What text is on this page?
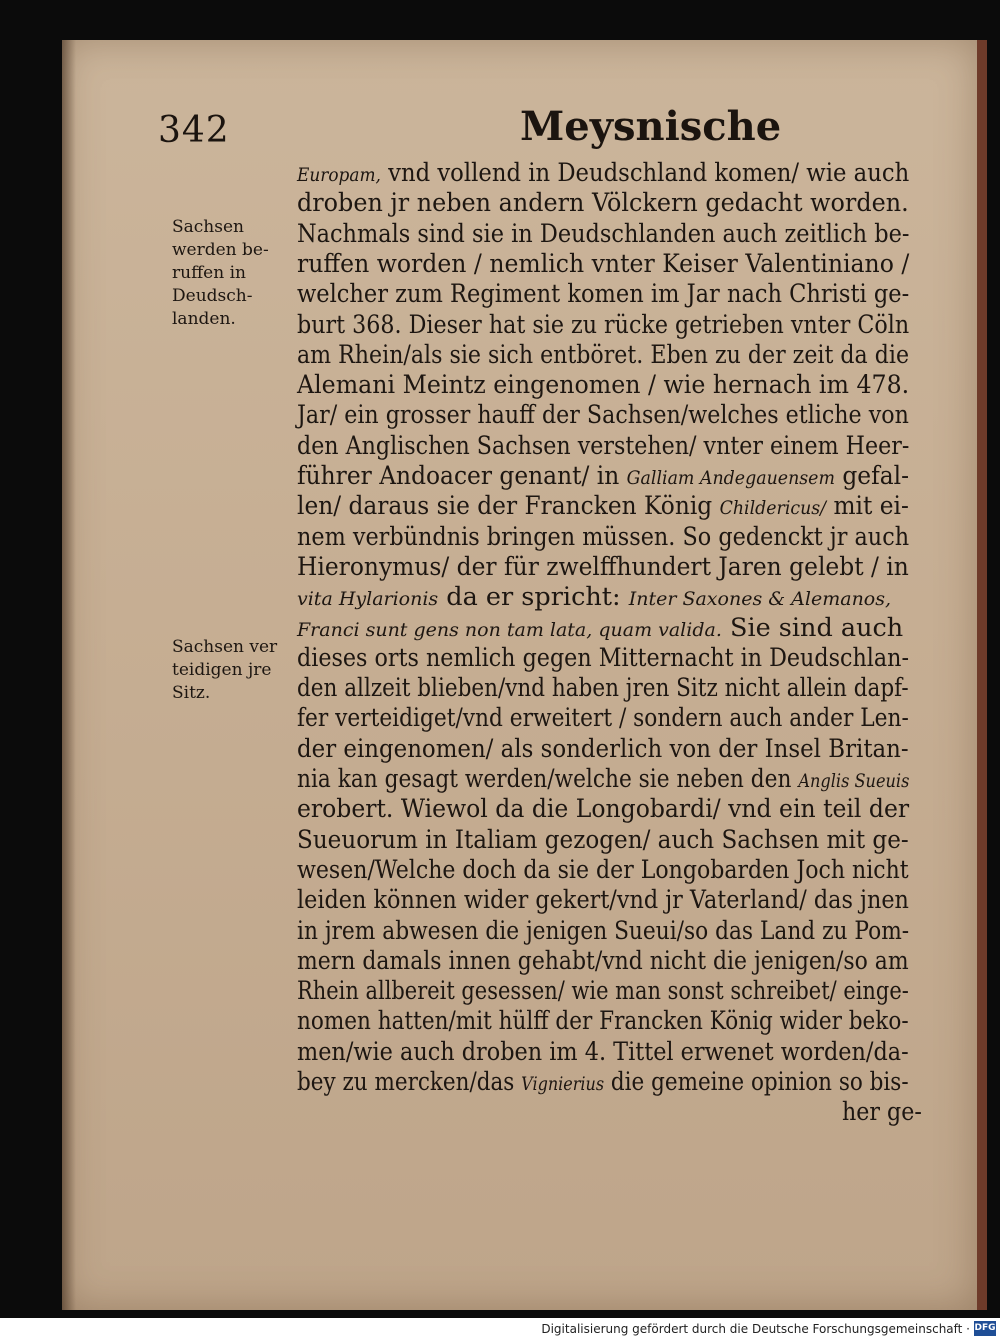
342	Meysnische
Sachsen
werden be-
ruffen in
Deudsch-
landen.
Sachsen ver
teidigen jre
Sitz.
Europam, vnd vollend in Deudschland komen/ wie auch
droben jr neben andern Völckern gedacht worden.
Nachmals sind sie in Deudschlanden auch zeitlich be-
ruffen worden / nemlich vnter Keiser Valentiniano /
welcher zum Regiment komen im Jar nach Christi ge-
burt 368. Dieser hat sie zu rücke getrieben vnter Cöln
am Rhein/als sie sich entböret. Eben zu der zeit da die
Alemani Meintz eingenomen / wie hernach im 478.
Jar/ ein grosser hauff der Sachsen/welches etliche von
den Anglischen Sachsen verstehen/ vnter einem Heer-
führer Andoacer genant/ in Galliam Andegauensem gefal-
len/ daraus sie der Francken König Childericus/ mit ei-
nem verbündnis bringen müssen. So gedenckt jr auch
Hieronymus/ der für zwelffhundert Jaren gelebt / in
vita Hylarionis da er spricht: Inter Saxones & Alemanos,
Franci sunt gens non tam lata, quam valida. Sie sind auch
dieses orts nemlich gegen Mitternacht in Deudschlan-
den allzeit blieben/vnd haben jren Sitz nicht allein dapf-
fer verteidiget/vnd erweitert / sondern auch ander Len-
der eingenomen/ als sonderlich von der Insel Britan-
nia kan gesagt werden/welche sie neben den Anglis Sueuis
erobert. Wiewol da die Longobardi/ vnd ein teil der
Sueuorum in Italiam gezogen/ auch Sachsen mit ge-
wesen/Welche doch da sie der Longobarden Joch nicht
leiden können wider gekert/vnd jr Vaterland/ das jnen
in jrem abwesen die jenigen Sueui/so das Land zu Pom-
mern damals innen gehabt/vnd nicht die jenigen/so am
Rhein allbereit gesessen/ wie man sonst schreibet/ einge-
nomen hatten/mit hülff der Francken König wider beko-
men/wie auch droben im 4. Tittel erwenet worden/da-
bey zu mercken/das Vignierius die gemeine opinion so bis-
her ge-
Digitalisierung gefördert durch die Deutsche Forschungsgemeinschaft · DFG
